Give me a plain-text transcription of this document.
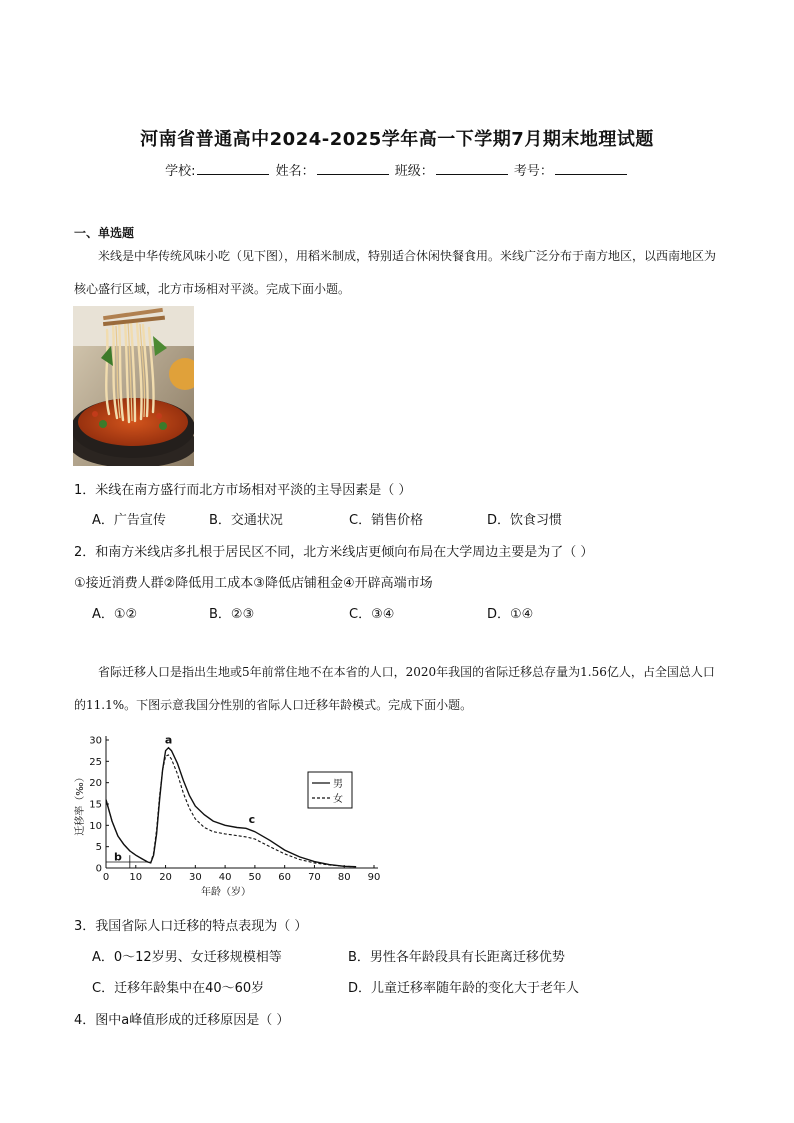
河南省普通高中2024-2025学年高一下学期7月期末地理试题
学校:	姓名：	班级：	考号：
一、单选题
米线是中华传统风味小吃（见下图），用稻米制成，特别适合休闲快餐食用。米线广泛分布于南方地区，以西南地区为核心盛行区域，北方市场相对平淡。完成下面小题。
1．米线在南方盛行而北方市场相对平淡的主导因素是（ ）
A．广告宣传	B．交通状况	C．销售价格	D．饮食习惯
2．和南方米线店多扎根于居民区不同，北方米线店更倾向布局在大学周边主要是为了（ ）
①接近消费人群②降低用工成本③降低店铺租金④开辟高端市场
A．①②	B．②③	C．③④	D．①④
省际迁移人口是指出生地或5年前常住地不在本省的人口，2020年我国的省际迁移总存量为1.56亿人，占全国总人口的11.1%。下图示意我国分性别的省际人口迁移年龄模式。完成下面小题。
0 10 20 30 40 50 60 70 80 90
0
5
10
15
20
25
30
年龄（岁）
迁移率（‰）
a
b
c
男
女
3．我国省际人口迁移的特点表现为（ ）
A．0～12岁男、女迁移规模相等	B．男性各年龄段具有长距离迁移优势
C．迁移年龄集中在40～60岁	D．儿童迁移率随年龄的变化大于老年人
4．图中a峰值形成的迁移原因是（ ）
